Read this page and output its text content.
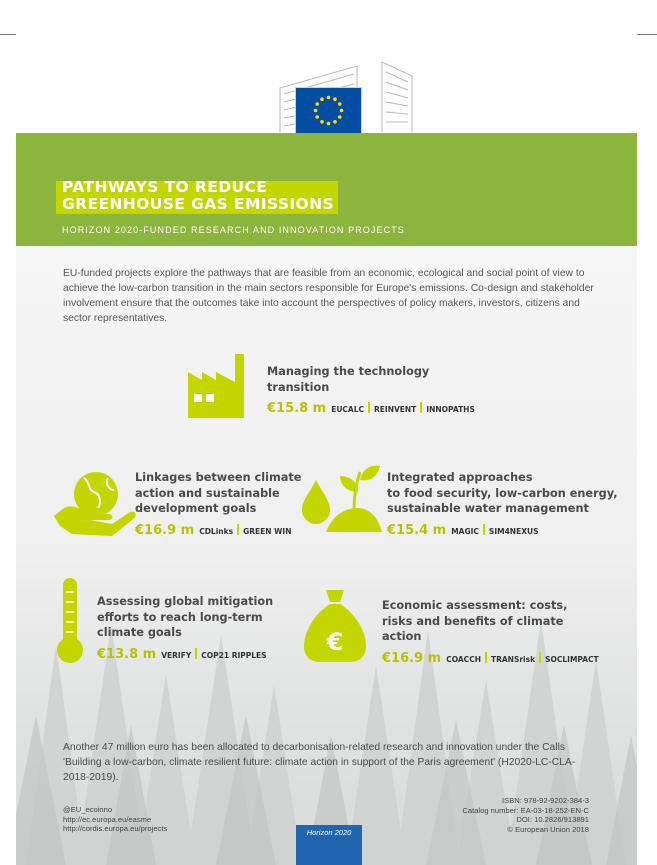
PATHWAYS TO REDUCE
GREENHOUSE GAS EMISSIONS
HORIZON 2020-FUNDED RESEARCH AND INNOVATION PROJECTS

EU-funded projects explore the pathways that are feasible from an economic, ecological and social point of view to achieve the low-carbon transition in the main sectors responsible for Europe's emissions. Co-design and stakeholder involvement ensure that the outcomes take into account the perspectives of policy makers, investors, citizens and sector representatives.

Managing the technology
transition
€15.8 m EUCALC REINVENT INNOPATHS
Linkages between climate
action and sustainable
development goals
€16.9 m CDLinks GREEN WIN
Integrated approaches
to food security, low-carbon energy,
sustainable water management
€15.4 m MAGIC SIM4NEXUS
Assessing global mitigation
efforts to reach long-term
climate goals
€13.8 m VERIFY COP21 RIPPLES	€
Economic assessment: costs,
risks and benefits of climate
action
€16.9 m COACCH TRANSrisk SOCLIMPACT

Another 47 million euro has been allocated to decarbonisation-related research and innovation under the Calls 'Building a low-carbon, climate resilient future: climate action in support of the Paris agreement' (H2020-LC-CLA-2018-2019).

@EU_ecoinno
http://ec.europa.eu/easme
http://cordis.europa.eu/projects
ISBN: 978-92-9202-384-3
Catalog number: EA-03-18-252-EN-C
DOI: 10.2826/913891
© European Union 2018
Horizon 2020
